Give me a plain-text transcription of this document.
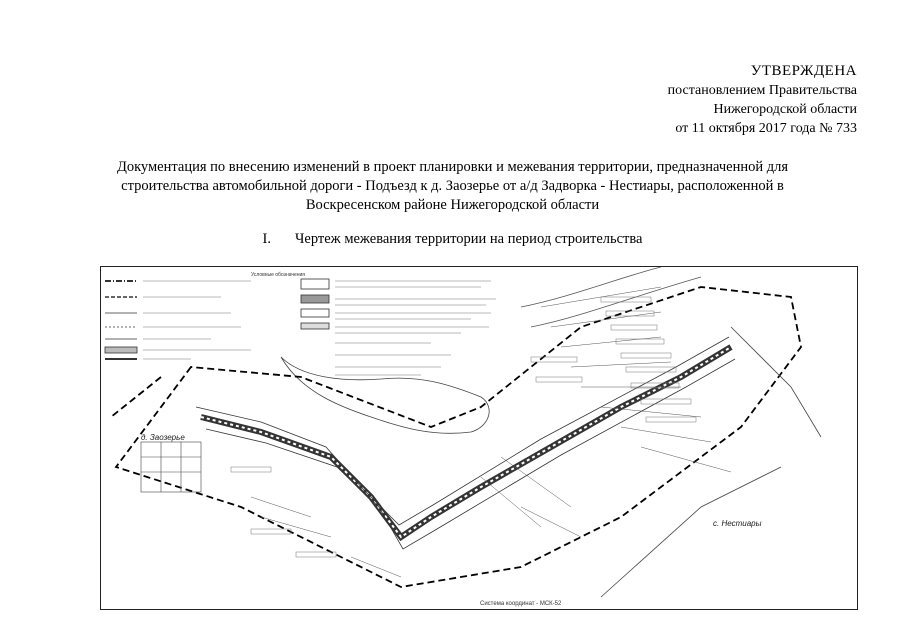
УТВЕРЖДЕНА
постановлением Правительства
Нижегородской области
от 11 октября 2017 года № 733
Документация по внесению изменений в проект планировки и межевания территории, предназначенной для
строительства автомобильной дороги - Подъезд к д. Заозерье от а/д Задворка - Нестиары, расположенной в
Воскресенском районе Нижегородской области
I. Чертеж межевания территории на период строительства
Условные обозначения
Система координат - МСК-52
д. Заозерье
с. Нестиары
